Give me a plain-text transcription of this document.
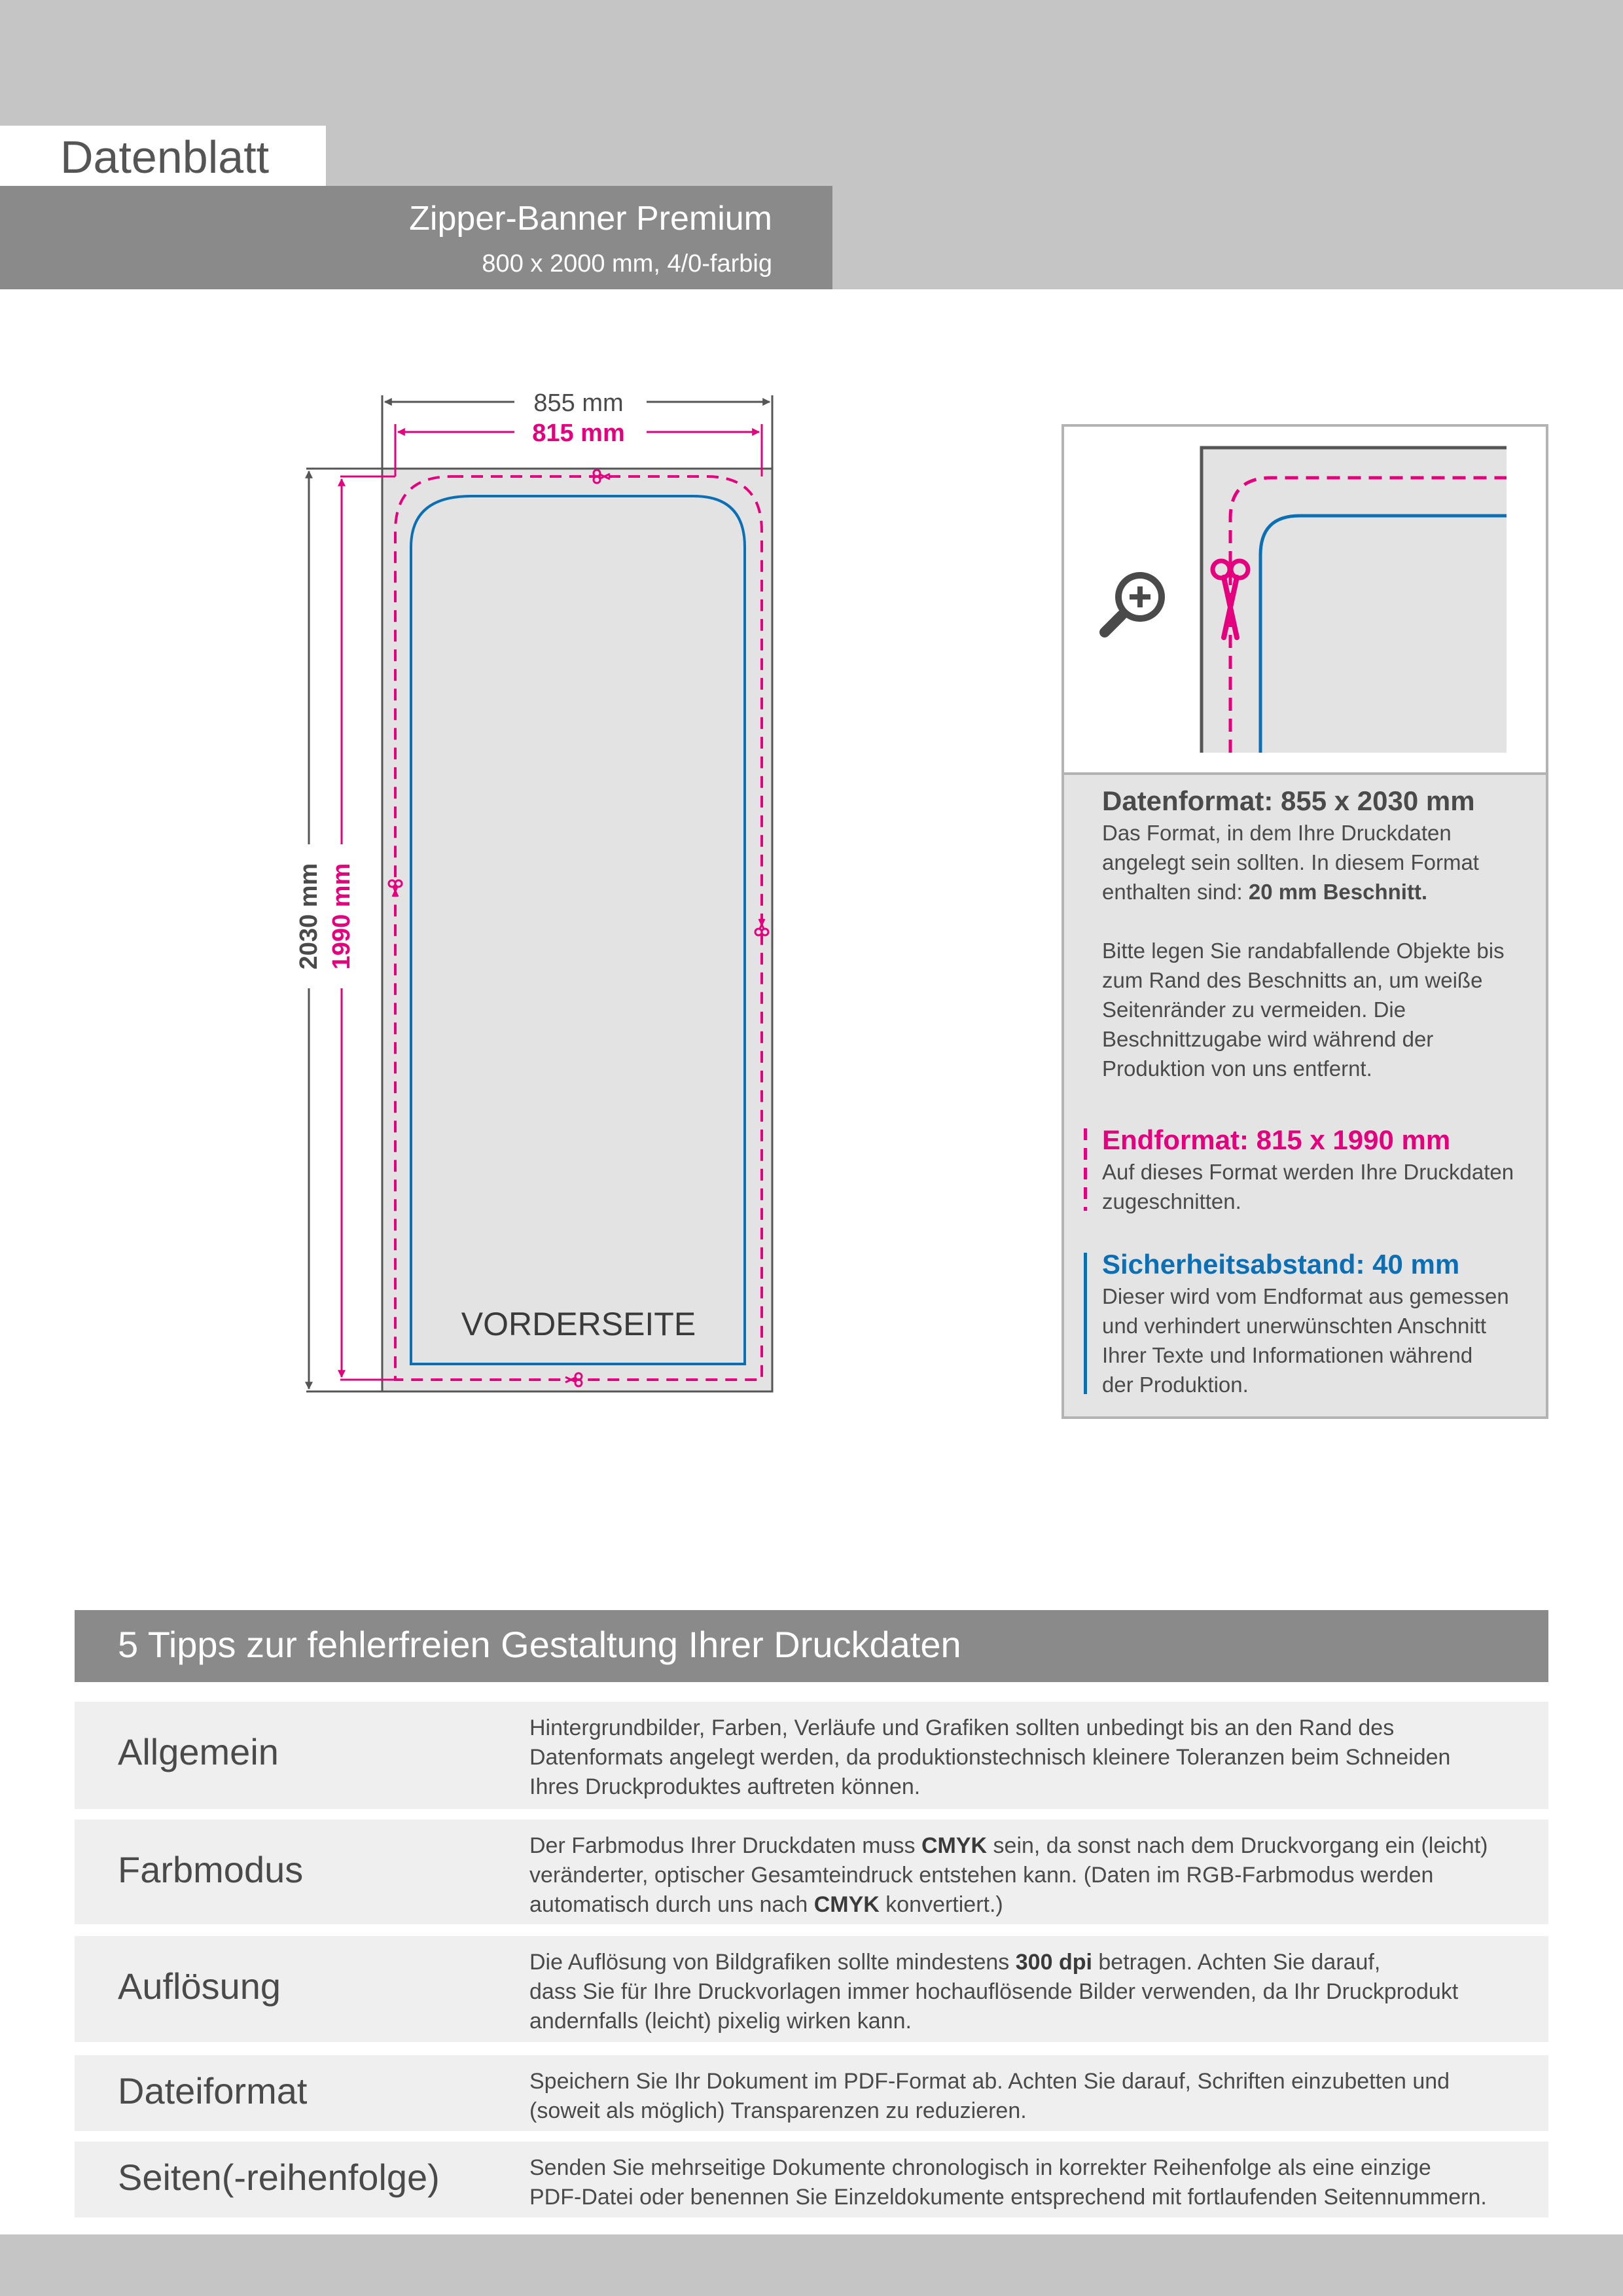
Datenblatt
Zipper-Banner Premium
800 x 2000 mm, 4/0-farbig
855 mm
815 mm
2030 mm 1990 mm
VORDERSEITE
Datenformat: 855 x 2030 mm

Das Format, in dem Ihre Druckdaten

angelegt sein sollten. In diesem Format

enthalten sind: 20 mm Beschnitt.

Bitte legen Sie randabfallende Objekte bis

zum Rand des Beschnitts an, um weiße

Seitenränder zu vermeiden. Die

Beschnittzugabe wird während der

Produktion von uns entfernt.

Endformat: 815 x 1990 mm

Auf dieses Format werden Ihre Druckdaten

zugeschnitten.

Sicherheitsabstand: 40 mm

Dieser wird vom Endformat aus gemessen

und verhindert unerwünschten Anschnitt

Ihrer Texte und Informationen während

der Produktion.

5 Tipps zur fehlerfreien Gestaltung Ihrer Druckdaten
Allgemein

Hintergrundbilder, Farben, Verläufe und Grafiken sollten unbedingt bis an den Rand des

Datenformats angelegt werden, da produktionstechnisch kleinere Toleranzen beim Schneiden

Ihres Druckproduktes auftreten können.

Farbmodus

Der Farbmodus Ihrer Druckdaten muss CMYK sein, da sonst nach dem Druckvorgang ein (leicht)

veränderter, optischer Gesamteindruck entstehen kann. (Daten im RGB-Farbmodus werden

automatisch durch uns nach CMYK konvertiert.)

Auflösung

Die Auflösung von Bildgrafiken sollte mindestens 300 dpi betragen. Achten Sie darauf,

dass Sie für Ihre Druckvorlagen immer hochauflösende Bilder verwenden, da Ihr Druckprodukt

andernfalls (leicht) pixelig wirken kann.

Dateiformat	Speichern Sie Ihr Dokument im PDF-Format ab. Achten Sie darauf, Schriften einzubetten und

(soweit als möglich) Transparenzen zu reduzieren.

Seiten(-reihenfolge)	Senden Sie mehrseitige Dokumente chronologisch in korrekter Reihenfolge als eine einzige

PDF-Datei oder benennen Sie Einzeldokumente entsprechend mit fortlaufenden Seitennummern.
